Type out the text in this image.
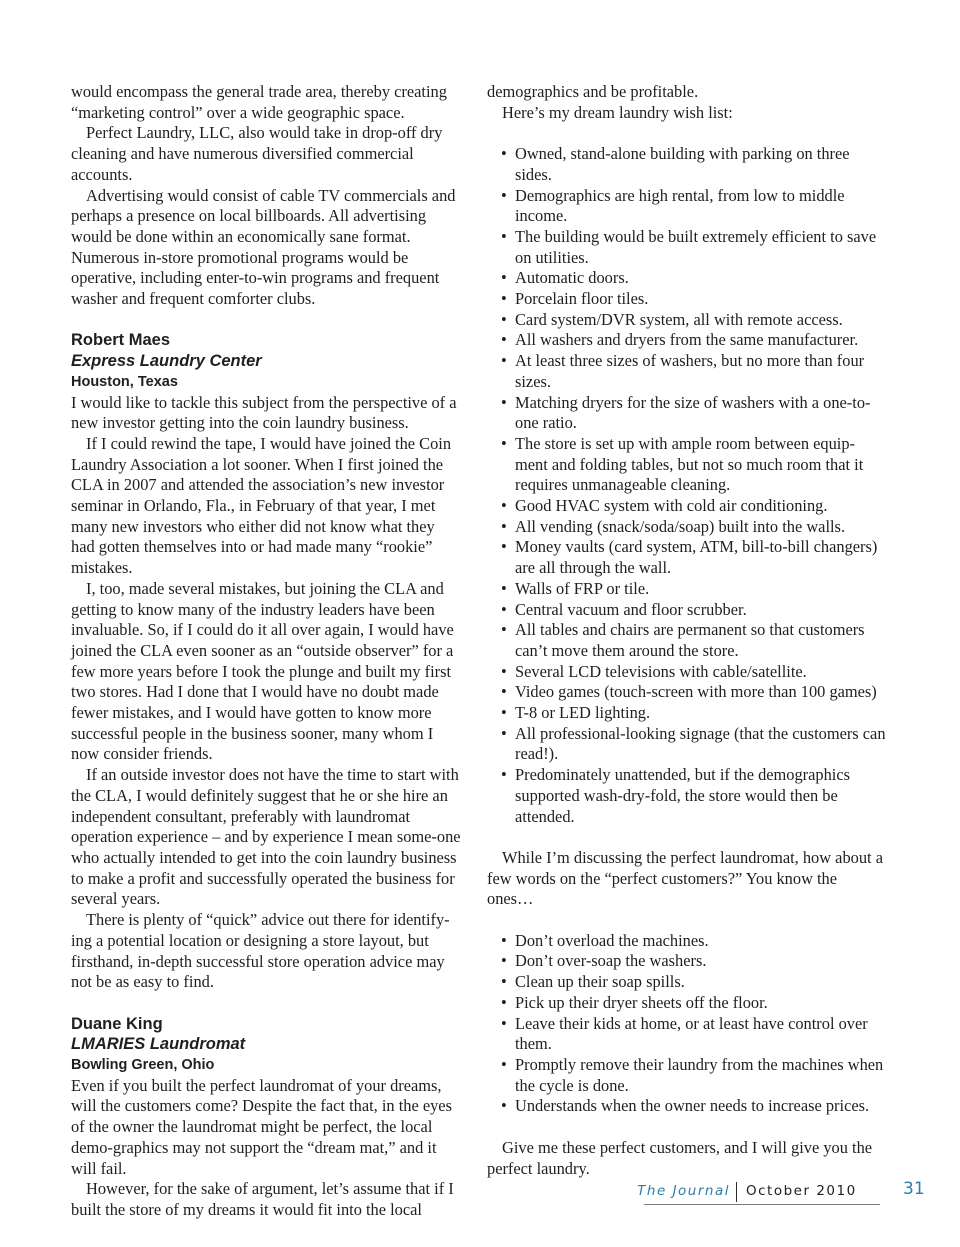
would encompass the general trade area, thereby creating “marketing control” over a wide geographic space.

Perfect Laundry, LLC, also would take in drop-off dry cleaning and have numerous diversified commercial accounts.

Advertising would consist of cable TV commercials and perhaps a presence on local billboards. All advertising would be done within an economically sane format. Numerous in-store promotional programs would be operative, including enter-to-win programs and frequent washer and frequent comforter clubs.

Robert Maes
Express Laundry Center
Houston, Texas

I would like to tackle this subject from the perspective of a new investor getting into the coin laundry business.

If I could rewind the tape, I would have joined the Coin Laundry Association a lot sooner. When I first joined the CLA in 2007 and attended the association’s new investor seminar in Orlando, Fla., in February of that year, I met many new investors who either did not know what they had gotten themselves into or had made many “rookie” mistakes.

I, too, made several mistakes, but joining the CLA and getting to know many of the industry leaders have been invaluable. So, if I could do it all over again, I would have joined the CLA even sooner as an “outside observer” for a few more years before I took the plunge and built my first two stores. Had I done that I would have no doubt made fewer mistakes, and I would have gotten to know more successful people in the business sooner, many whom I now consider friends.

If an outside investor does not have the time to start with the CLA, I would definitely suggest that he or she hire an independent consultant, preferably with laundromat operation experience – and by experience I mean some-one who actually intended to get into the coin laundry business to make a profit and successfully operated the business for several years.

There is plenty of “quick” advice out there for identify-ing a potential location or designing a store layout, but firsthand, in-depth successful store operation advice may not be as easy to find.

Duane King
LMARIES Laundromat
Bowling Green, Ohio

Even if you built the perfect laundromat of your dreams, will the customers come? Despite the fact that, in the eyes of the owner the laundromat might be perfect, the local demo-graphics may not support the “dream mat,” and it will fail.

However, for the sake of argument, let’s assume that if I built the store of my dreams it would fit into the local

demographics and be profitable.

Here’s my dream laundry wish list:

• Owned, stand-alone building with parking on three sides.
• Demographics are high rental, from low to middle income.
• The building would be built extremely efficient to save on utilities.
• Automatic doors.
• Porcelain floor tiles.
• Card system/DVR system, all with remote access.
• All washers and dryers from the same manufacturer.
• At least three sizes of washers, but no more than four sizes.
• Matching dryers for the size of washers with a one-to-one ratio.
• The store is set up with ample room between equip-ment and folding tables, but not so much room that it requires unmanageable cleaning.
• Good HVAC system with cold air conditioning.
• All vending (snack/soda/soap) built into the walls.
• Money vaults (card system, ATM, bill-to-bill changers) are all through the wall.
• Walls of FRP or tile.
• Central vacuum and floor scrubber.
• All tables and chairs are permanent so that customers can’t move them around the store.
• Several LCD televisions with cable/satellite.
• Video games (touch-screen with more than 100 games)
• T-8 or LED lighting.
• All professional-looking signage (that the customers can read!).
• Predominately unattended, but if the demographics supported wash-dry-fold, the store would then be attended.

While I’m discussing the perfect laundromat, how about a few words on the “perfect customers?” You know the ones…

• Don’t overload the machines.
• Don’t over-soap the washers.
• Clean up their soap spills.
• Pick up their dryer sheets off the floor.
• Leave their kids at home, or at least have control over them.
• Promptly remove their laundry from the machines when the cycle is done.
• Understands when the owner needs to increase prices.

Give me these perfect customers, and I will give you the perfect laundry.

The Journal October 2010	31
